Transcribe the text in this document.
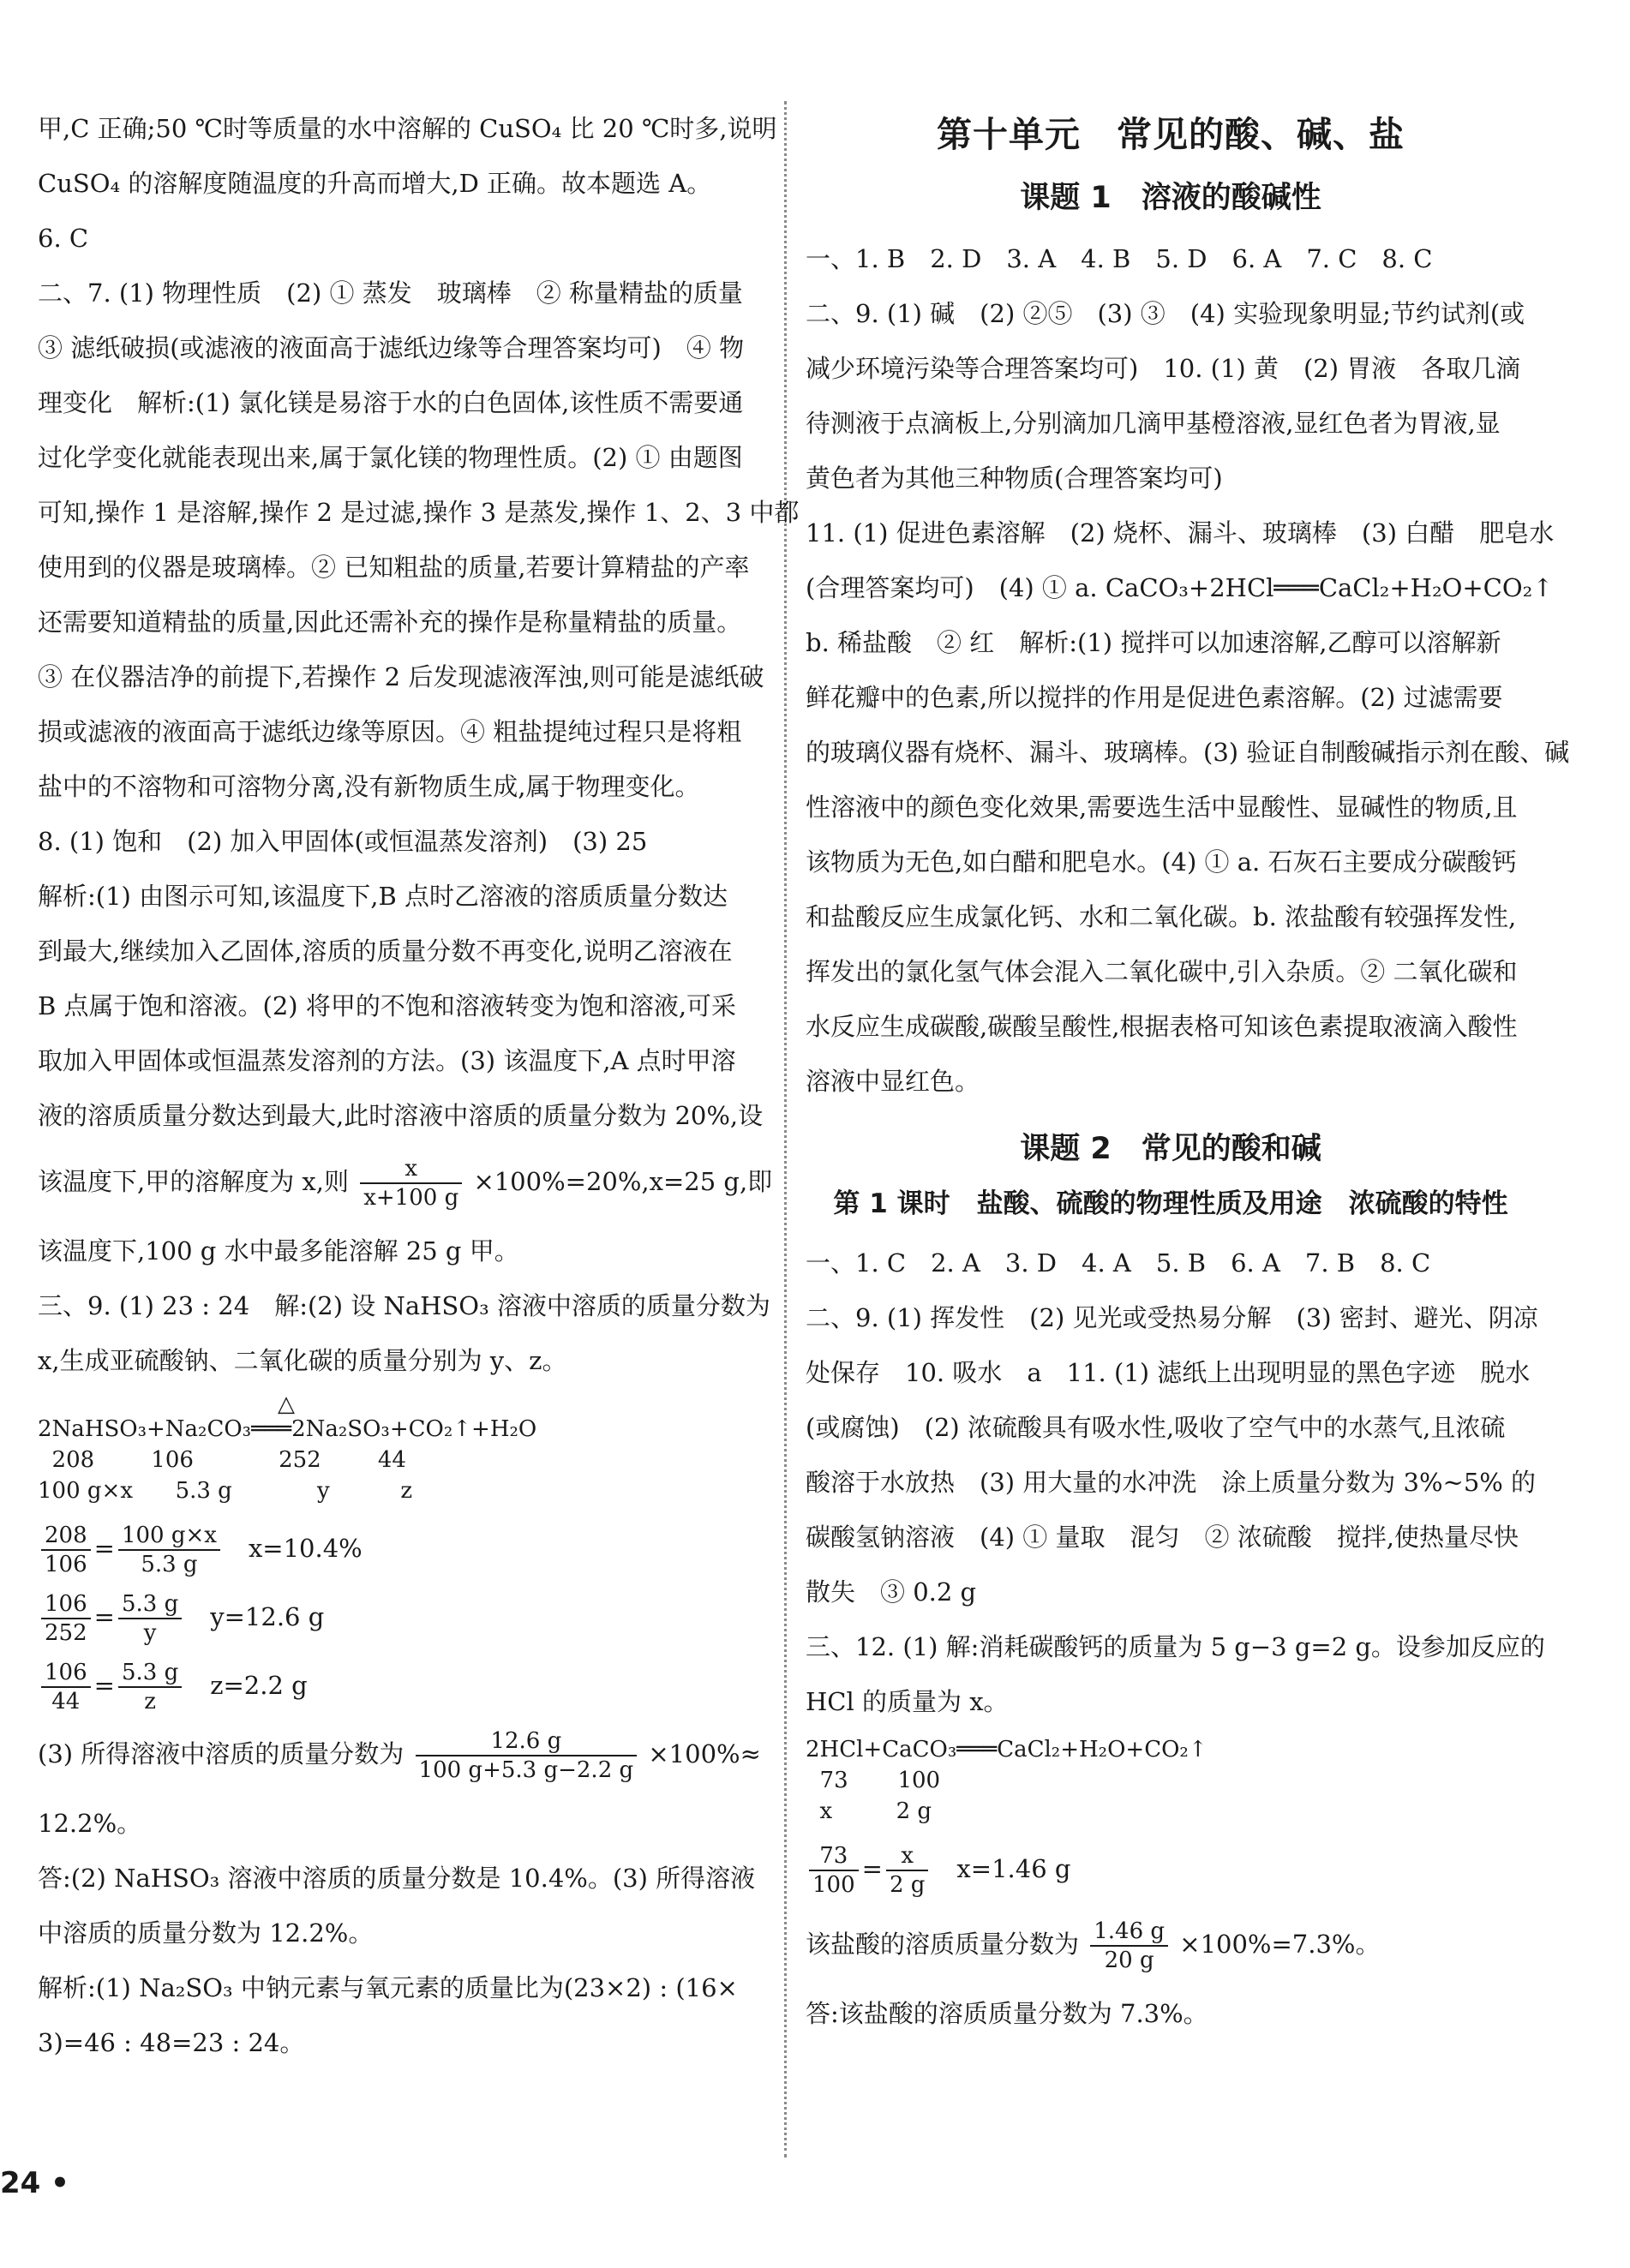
甲,C 正确;50 ℃时等质量的水中溶解的 CuSO₄ 比 20 ℃时多,说明

CuSO₄ 的溶解度随温度的升高而增大,D 正确。故本题选 A。

6. C

二、7. (1) 物理性质　(2) ① 蒸发　玻璃棒　② 称量精盐的质量

③ 滤纸破损(或滤液的液面高于滤纸边缘等合理答案均可)　④ 物

理变化　解析:(1) 氯化镁是易溶于水的白色固体,该性质不需要通

过化学变化就能表现出来,属于氯化镁的物理性质。(2) ① 由题图

可知,操作 1 是溶解,操作 2 是过滤,操作 3 是蒸发,操作 1、2、3 中都

使用到的仪器是玻璃棒。② 已知粗盐的质量,若要计算精盐的产率

还需要知道精盐的质量,因此还需补充的操作是称量精盐的质量。

③ 在仪器洁净的前提下,若操作 2 后发现滤液浑浊,则可能是滤纸破

损或滤液的液面高于滤纸边缘等原因。④ 粗盐提纯过程只是将粗

盐中的不溶物和可溶物分离,没有新物质生成,属于物理变化。

8. (1) 饱和　(2) 加入甲固体(或恒温蒸发溶剂)　(3) 25

解析:(1) 由图示可知,该温度下,B 点时乙溶液的溶质质量分数达

到最大,继续加入乙固体,溶质的质量分数不再变化,说明乙溶液在

B 点属于饱和溶液。(2) 将甲的不饱和溶液转变为饱和溶液,可采

取加入甲固体或恒温蒸发溶剂的方法。(3) 该温度下,A 点时甲溶

液的溶质质量分数达到最大,此时溶液中溶质的质量分数为 20%,设

该温度下,甲的溶解度为 x,则 $\frac{x}{x+100 g} \times 100\%=20\%,x=25$ g,即

该温度下,100 g 水中最多能溶解 25 g 甲。

三、9. (1) 23 : 24　解:(2) 设 NaHSO₃ 溶液中溶质的质量分数为

x,生成亚硫酸钠、二氧化碳的质量分别为 y、z。

△
2NaHSO₃+Na₂CO₃═══2Na₂SO₃+CO₂↑+H₂O
208        106            252        44
100 g×x      5.3 g            y          z
$\frac{208}{106} = \frac{100 g\times x}{5.3 g}$
　 x=10.4%
$\frac{106}{252} = \frac{5.3 g}{y}$
　 y=12.6 g
$\frac{106}{44} = \frac{5.3 g}{z}$
　 z=2.2 g
(3) 所得溶液中溶质的质量分数为 $\frac{12.6 g}{100 g+5.3 g-2.2 g} \times 100\%\approx$

12.2%。

答:(2) NaHSO₃ 溶液中溶质的质量分数是 10.4%。(3) 所得溶液

中溶质的质量分数为 12.2%。

解析:(1) Na₂SO₃ 中钠元素与氧元素的质量比为(23×2) : (16×

3)=46 : 48=23 : 24。

第十单元　常见的酸、碱、盐
课题 1　溶液的酸碱性

一、1. B　2. D　3. A　4. B　5. D　6. A　7. C　8. C

二、9. (1) 碱　(2) ②⑤　(3) ③　(4) 实验现象明显;节约试剂(或

减少环境污染等合理答案均可)　10. (1) 黄　(2) 胃液　各取几滴

待测液于点滴板上,分别滴加几滴甲基橙溶液,显红色者为胃液,显

黄色者为其他三种物质(合理答案均可)

11. (1) 促进色素溶解　(2) 烧杯、漏斗、玻璃棒　(3) 白醋　肥皂水

(合理答案均可)　(4) ① a. CaCO₃+2HCl═══CaCl₂+H₂O+CO₂↑

b. 稀盐酸　② 红　解析:(1) 搅拌可以加速溶解,乙醇可以溶解新

鲜花瓣中的色素,所以搅拌的作用是促进色素溶解。(2) 过滤需要

的玻璃仪器有烧杯、漏斗、玻璃棒。(3) 验证自制酸碱指示剂在酸、碱

性溶液中的颜色变化效果,需要选生活中显酸性、显碱性的物质,且

该物质为无色,如白醋和肥皂水。(4) ① a. 石灰石主要成分碳酸钙

和盐酸反应生成氯化钙、水和二氧化碳。b. 浓盐酸有较强挥发性,

挥发出的氯化氢气体会混入二氧化碳中,引入杂质。② 二氧化碳和

水反应生成碳酸,碳酸呈酸性,根据表格可知该色素提取液滴入酸性

溶液中显红色。

课题 2　常见的酸和碱
第 1 课时　盐酸、硫酸的物理性质及用途　浓硫酸的特性

一、1. C　2. A　3. D　4. A　5. B　6. A　7. B　8. C

二、9. (1) 挥发性　(2) 见光或受热易分解　(3) 密封、避光、阴凉

处保存　10. 吸水　a　11. (1) 滤纸上出现明显的黑色字迹　脱水

(或腐蚀)　(2) 浓硫酸具有吸水性,吸收了空气中的水蒸气,且浓硫

酸溶于水放热　(3) 用大量的水冲洗　涂上质量分数为 3%~5% 的

碳酸氢钠溶液　(4) ① 量取　混匀　② 浓硫酸　搅拌,使热量尽快

散失　③ 0.2 g

三、12. (1) 解:消耗碳酸钙的质量为 5 g−3 g=2 g。设参加反应的

HCl 的质量为 x。

2HCl+CaCO₃═══CaCl₂+H₂O+CO₂↑
73       100
x         2 g
$\frac{73}{100} = \frac{x}{2 g}$
　 x=1.46 g
该盐酸的溶质质量分数为 $\frac{1.46 g}{20 g} \times 100\%=7.3\%$。

答:该盐酸的溶质质量分数为 7.3%。

24 •
